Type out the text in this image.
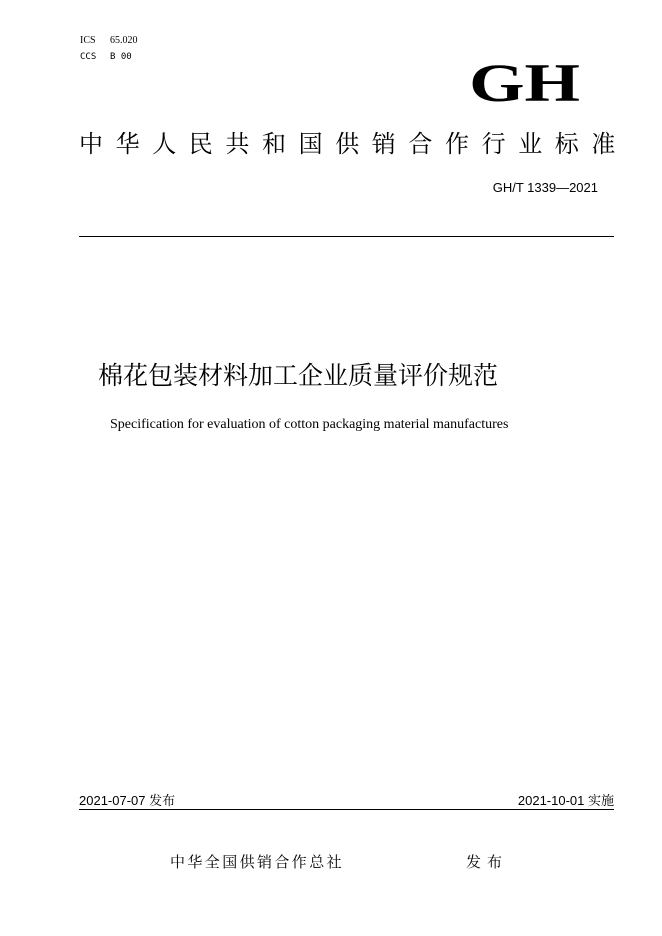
ICS 65.020
CCS B 00	GH
中华人民共和国供销合作行业标准
GH/T 1339—2021
棉花包装材料加工企业质量评价规范
Specification for evaluation of cotton packaging material manufactures
2021-07-07 发布	2021-10-01 实施
中华全国供销合作总社	发布
